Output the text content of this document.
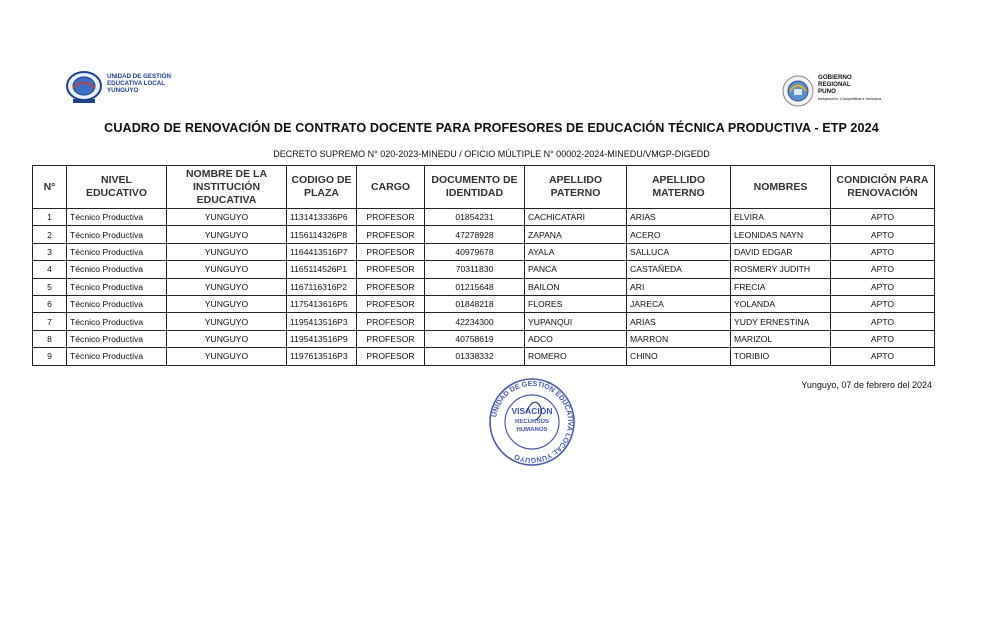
UNIDAD DE GESTIÓN
EDUCATIVA LOCAL
YUNGUYO
GOBIERNO
REGIONAL
PUNO
Integración, Competitiva e Inclusiva
CUADRO DE RENOVACIÓN DE CONTRATO DOCENTE PARA PROFESORES DE EDUCACIÓN TÉCNICA PRODUCTIVA - ETP 2024
DECRETO SUPREMO N° 020-2023-MINEDU / OFICIO MÚLTIPLE N° 00002-2024-MINEDU/VMGP-DIGEDD
N°	NIVEL EDUCATIVO	NOMBRE DE LA INSTITUCIÓN EDUCATIVA	CODIGO DE PLAZA	CARGO	DOCUMENTO DE IDENTIDAD	APELLIDO PATERNO	APELLIDO MATERNO	NOMBRES	CONDICIÓN PARA RENOVACIÓN
1	Técnico Productiva	YUNGUYO	1131413336P6	PROFESOR	01854231	CACHICATARI	ARIAS	ELVIRA	APTO
2	Técnico Productiva	YUNGUYO	1156114326P8	PROFESOR	47278928	ZAPANA	ACERO	LEONIDAS NAYN	APTO
3	Técnico Productiva	YUNGUYO	1164413516P7	PROFESOR	40979678	AYALA	SALLUCA	DAVID EDGAR	APTO
4	Técnico Productiva	YUNGUYO	1165114526P1	PROFESOR	70311830	PANCA	CASTAÑEDA	ROSMERY JUDITH	APTO
5	Técnico Productiva	YUNGUYO	1167116316P2	PROFESOR	01215648	BAILON	ARI	FRECIA	APTO
6	Técnico Productiva	YUNGUYO	1175413616P5	PROFESOR	01848218	FLORES	JARECA	YOLANDA	APTO
7	Técnico Productiva	YUNGUYO	1195413516P3	PROFESOR	42234300	YUPANQUI	ARIAS	YUDY ERNESTINA	APTO
8	Técnico Productiva	YUNGUYO	1195413516P9	PROFESOR	40758619	ADCO	MARRON	MARIZOL	APTO
9	Técnico Productiva	YUNGUYO	1197613516P3	PROFESOR	01338332	ROMERO	CHINO	TORIBIO	APTO
Yunguyo, 07 de febrero del 2024
UNIDAD DE GESTIÓN EDUCATIVA LOCAL YUNGUYO
VISACIÓN
RECURSOS
HUMANOS
